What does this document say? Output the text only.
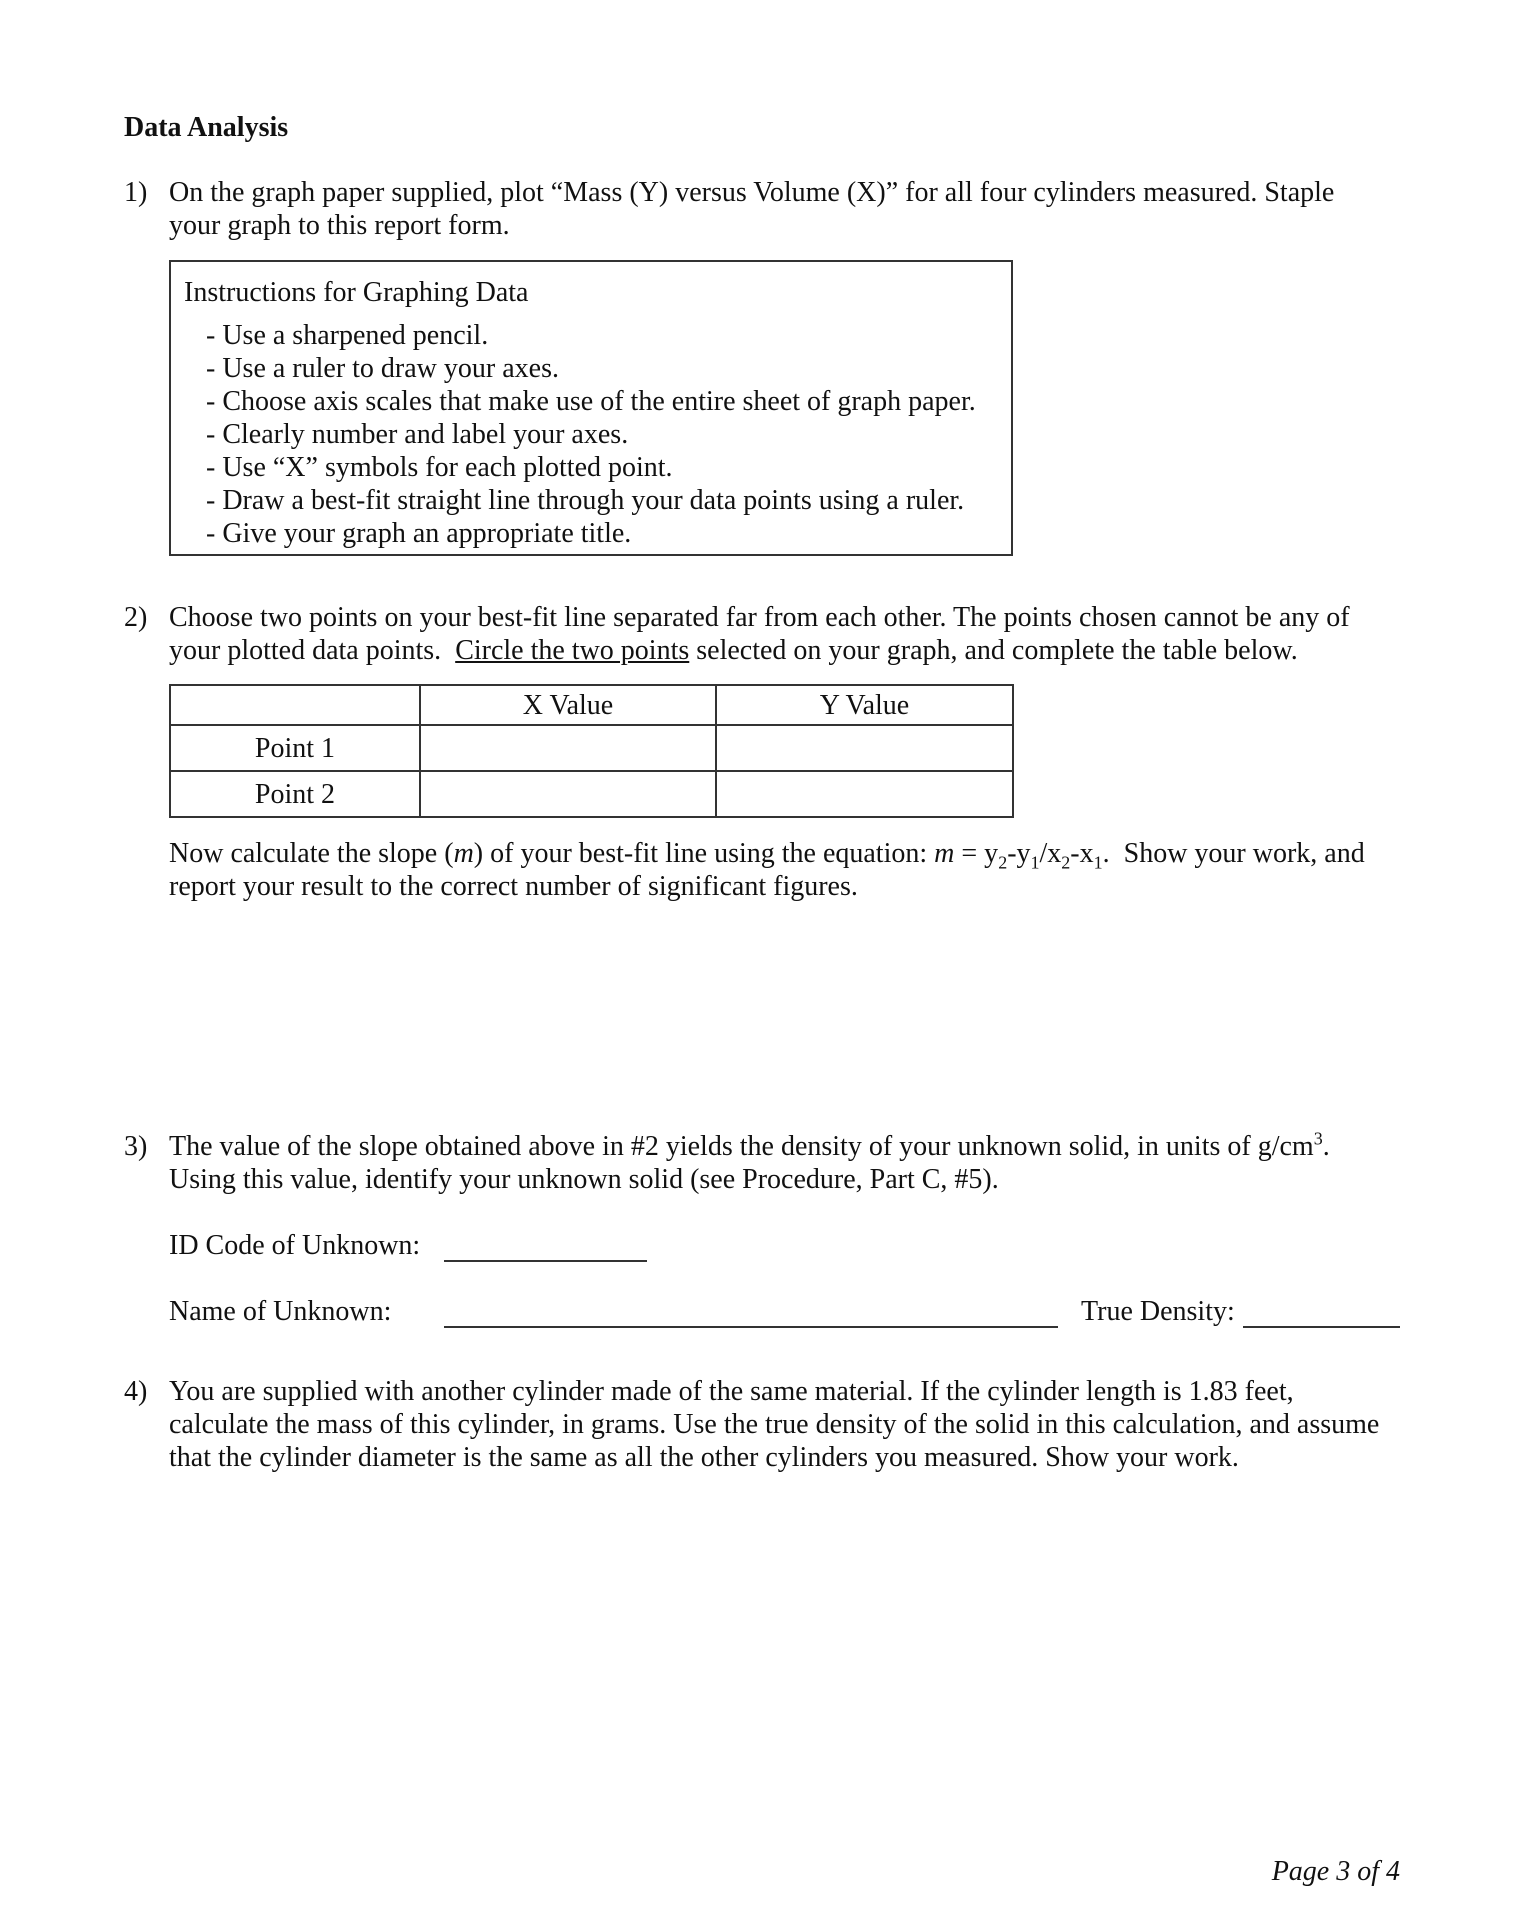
Data Analysis
1) On the graph paper supplied, plot “Mass (Y) versus Volume (X)” for all four cylinders measured. Staple
your graph to this report form.
Instructions for Graphing Data
- Use a sharpened pencil.
- Use a ruler to draw your axes.
- Choose axis scales that make use of the entire sheet of graph paper.
- Clearly number and label your axes.
- Use “X” symbols for each plotted point.
- Draw a best-fit straight line through your data points using a ruler.
- Give your graph an appropriate title.
2) Choose two points on your best-fit line separated far from each other. The points chosen cannot be any of
your plotted data points.  Circle the two points selected on your graph, and complete the table below.
	X Value	Y Value
Point 1		
Point 2		
Now calculate the slope (m) of your best-fit line using the equation: $m = y_2-y_1/x_2-x_1$.  Show your work, and
report your result to the correct number of significant figures.
3) The value of the slope obtained above in #2 yields the density of your unknown solid, in units of $g/cm^3$.
Using this value, identify your unknown solid (see Procedure, Part C, #5).
ID Code of Unknown:
Name of Unknown:	True Density:
4) You are supplied with another cylinder made of the same material. If the cylinder length is 1.83 feet,
calculate the mass of this cylinder, in grams. Use the true density of the solid in this calculation, and assume
that the cylinder diameter is the same as all the other cylinders you measured. Show your work.
Page 3 of 4
